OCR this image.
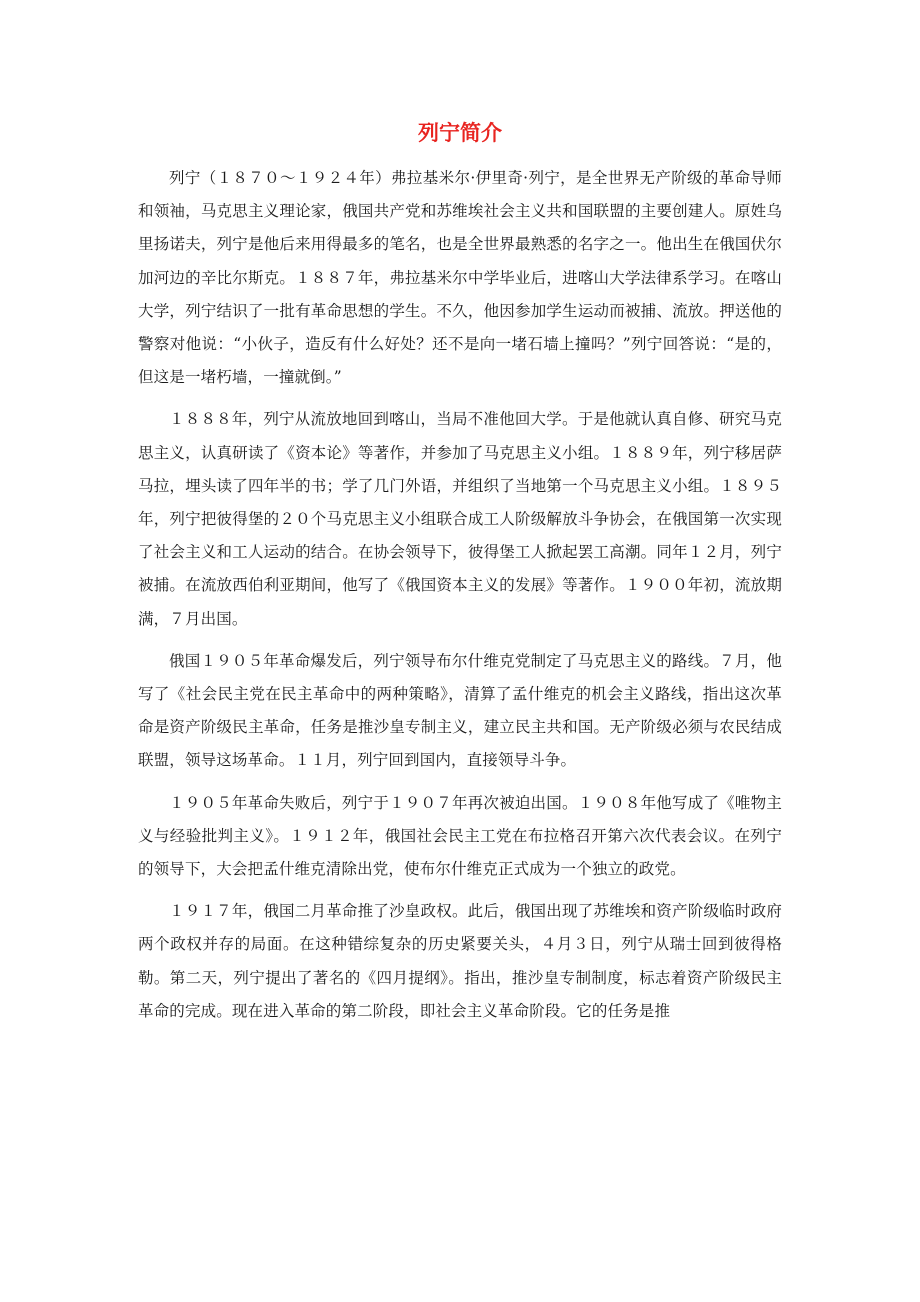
列宁简介

列宁（１８７０～１９２４年）弗拉基米尔·伊里奇·列宁，是全世界无产阶级的革命导师和领袖，马克思主义理论家，俄国共产党和苏维埃社会主义共和国联盟的主要创建人。原姓乌里扬诺夫，列宁是他后来用得最多的笔名，也是全世界最熟悉的名字之一。他出生在俄国伏尔加河边的辛比尔斯克。１８８７年，弗拉基米尔中学毕业后，进喀山大学法律系学习。在喀山大学，列宁结识了一批有革命思想的学生。不久，他因参加学生运动而被捕、流放。押送他的警察对他说：“小伙子，造反有什么好处？还不是向一堵石墙上撞吗？”列宁回答说：“是的，但这是一堵朽墙，一撞就倒。”

１８８８年，列宁从流放地回到喀山，当局不准他回大学。于是他就认真自修、研究马克思主义，认真研读了《资本论》等著作，并参加了马克思主义小组。１８８９年，列宁移居萨马拉，埋头读了四年半的书；学了几门外语，并组织了当地第一个马克思主义小组。１８９５年，列宁把彼得堡的２０个马克思主义小组联合成工人阶级解放斗争协会，在俄国第一次实现了社会主义和工人运动的结合。在协会领导下，彼得堡工人掀起罢工高潮。同年１２月，列宁被捕。在流放西伯利亚期间，他写了《俄国资本主义的发展》等著作。１９００年初，流放期满，７月出国。

俄国１９０５年革命爆发后，列宁领导布尔什维克党制定了马克思主义的路线。７月，他写了《社会民主党在民主革命中的两种策略》，清算了孟什维克的机会主义路线，指出这次革命是资产阶级民主革命，任务是推沙皇专制主义，建立民主共和国。无产阶级必须与农民结成联盟，领导这场革命。１１月，列宁回到国内，直接领导斗争。

１９０５年革命失败后，列宁于１９０７年再次被迫出国。１９０８年他写成了《唯物主义与经验批判主义》。１９１２年，俄国社会民主工党在布拉格召开第六次代表会议。在列宁的领导下，大会把孟什维克清除出党，使布尔什维克正式成为一个独立的政党。

１９１７年，俄国二月革命推了沙皇政权。此后，俄国出现了苏维埃和资产阶级临时政府两个政权并存的局面。在这种错综复杂的历史紧要关头，４月３日，列宁从瑞士回到彼得格勒。第二天，列宁提出了著名的《四月提纲》。指出，推沙皇专制制度，标志着资产阶级民主革命的完成。现在进入革命的第二阶段，即社会主义革命阶段。它的任务是推
